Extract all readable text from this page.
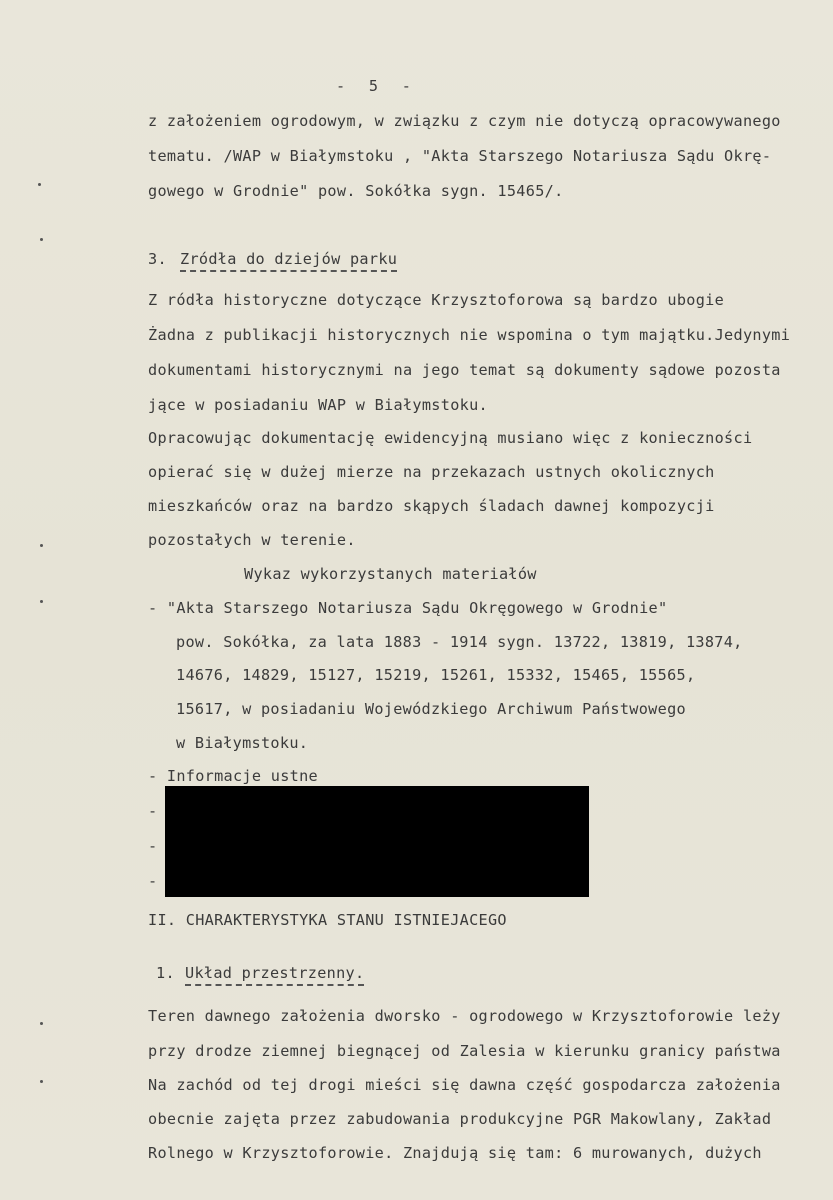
- 5 -
z założeniem ogrodowym, w związku z czym nie dotyczą opracowywanego
tematu. /WAP w Białymstoku , "Akta Starszego Notariusza Sądu Okrę-
gowego w Grodnie" pow. Sokółka sygn. 15465/.
3. Zródła do dziejów parku
Z ródła historyczne dotyczące Krzysztoforowa są bardzo ubogie
Żadna z publikacji historycznych nie wspomina o tym majątku.Jedynymi
dokumentami historycznymi na jego temat są dokumenty sądowe pozosta
jące w posiadaniu WAP w Białymstoku.
Opracowując dokumentację ewidencyjną musiano więc z konieczności
opierać się w dużej mierze na przekazach ustnych okolicznych
mieszkańców oraz na bardzo skąpych śladach dawnej kompozycji
pozostałych w terenie.
Wykaz wykorzystanych materiałów
- "Akta Starszego Notariusza Sądu Okręgowego w Grodnie"
pow. Sokółka, za lata 1883 - 1914 sygn. 13722, 13819, 13874,
14676, 14829, 15127, 15219, 15261, 15332, 15465, 15565,
15617, w posiadaniu Wojewódzkiego Archiwum Państwowego
w Białymstoku.
- Informacje ustne
-
-
-
II. CHARAKTERYSTYKA STANU ISTNIEJACEGO
1. Układ przestrzenny.
Teren dawnego założenia dworsko - ogrodowego w Krzysztoforowie leży
przy drodze ziemnej biegnącej od Zalesia w kierunku granicy państwa
Na zachód od tej drogi mieści się dawna część gospodarcza założenia
obecnie zajęta przez zabudowania produkcyjne PGR Makowlany, Zakład
Rolnego w Krzysztoforowie. Znajdują się tam: 6 murowanych, dużych
